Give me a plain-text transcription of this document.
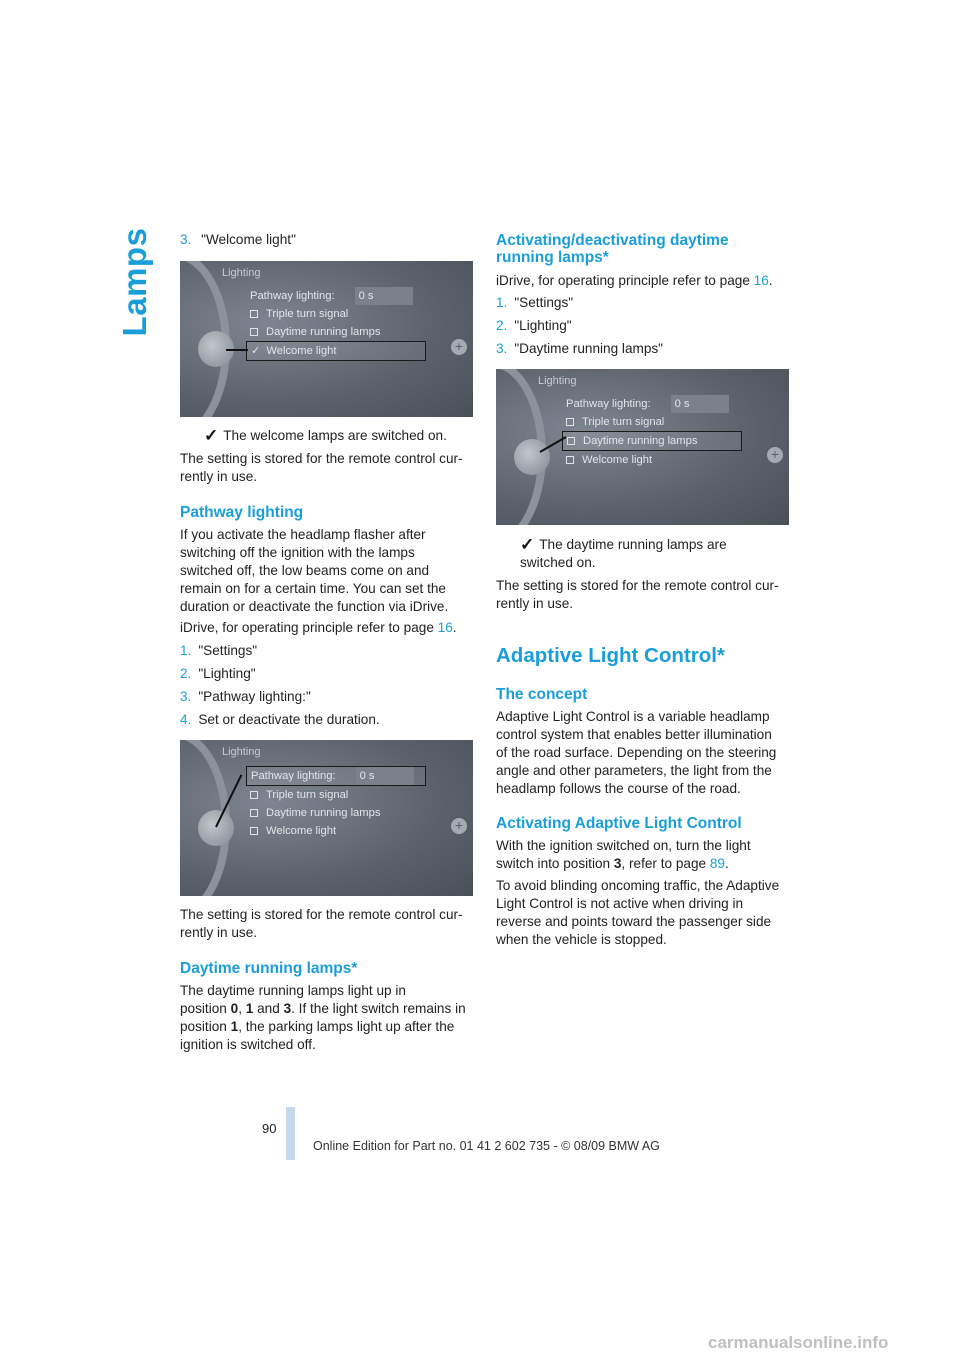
Lamps 3. "Welcome light"

+
Lighting
Pathway lighting: 0 s
Triple turn signal
Daytime running lamps
✓ Welcome light

✓ The welcome lamps are switched on.

The setting is stored for the remote control cur-
rently in use.

Pathway lighting

If you activate the headlamp flasher after
switching off the ignition with the lamps
switched off, the low beams come on and
remain on for a certain time. You can set the
duration or deactivate the function via iDrive.

iDrive, for operating principle refer to page 16.

1. "Settings"

2. "Lighting"

3. "Pathway lighting:"

4. Set or deactivate the duration.

+
Lighting
Pathway lighting: 0 s
Triple turn signal
Daytime running lamps
Welcome light

The setting is stored for the remote control cur-
rently in use.

Daytime running lamps*

The daytime running lamps light up in
position 0, 1 and 3. If the light switch remains in
position 1, the parking lamps light up after the
ignition is switched off.

Activating/deactivating daytime
running lamps*

iDrive, for operating principle refer to page 16.

1. "Settings"

2. "Lighting"

3. "Daytime running lamps"

+
Lighting
Pathway lighting: 0 s
Triple turn signal
Daytime running lamps
Welcome light

✓ The daytime running lamps are
switched on.

The setting is stored for the remote control cur-
rently in use.

Adaptive Light Control*
The concept

Adaptive Light Control is a variable headlamp
control system that enables better illumination
of the road surface. Depending on the steering
angle and other parameters, the light from the
headlamp follows the course of the road.

Activating Adaptive Light Control

With the ignition switched on, turn the light
switch into position 3, refer to page 89.

To avoid blinding oncoming traffic, the Adaptive
Light Control is not active when driving in
reverse and points toward the passenger side
when the vehicle is stopped.

90
Online Edition for Part no. 01 41 2 602 735 - © 08/09 BMW AG
carmanualsonline.info
